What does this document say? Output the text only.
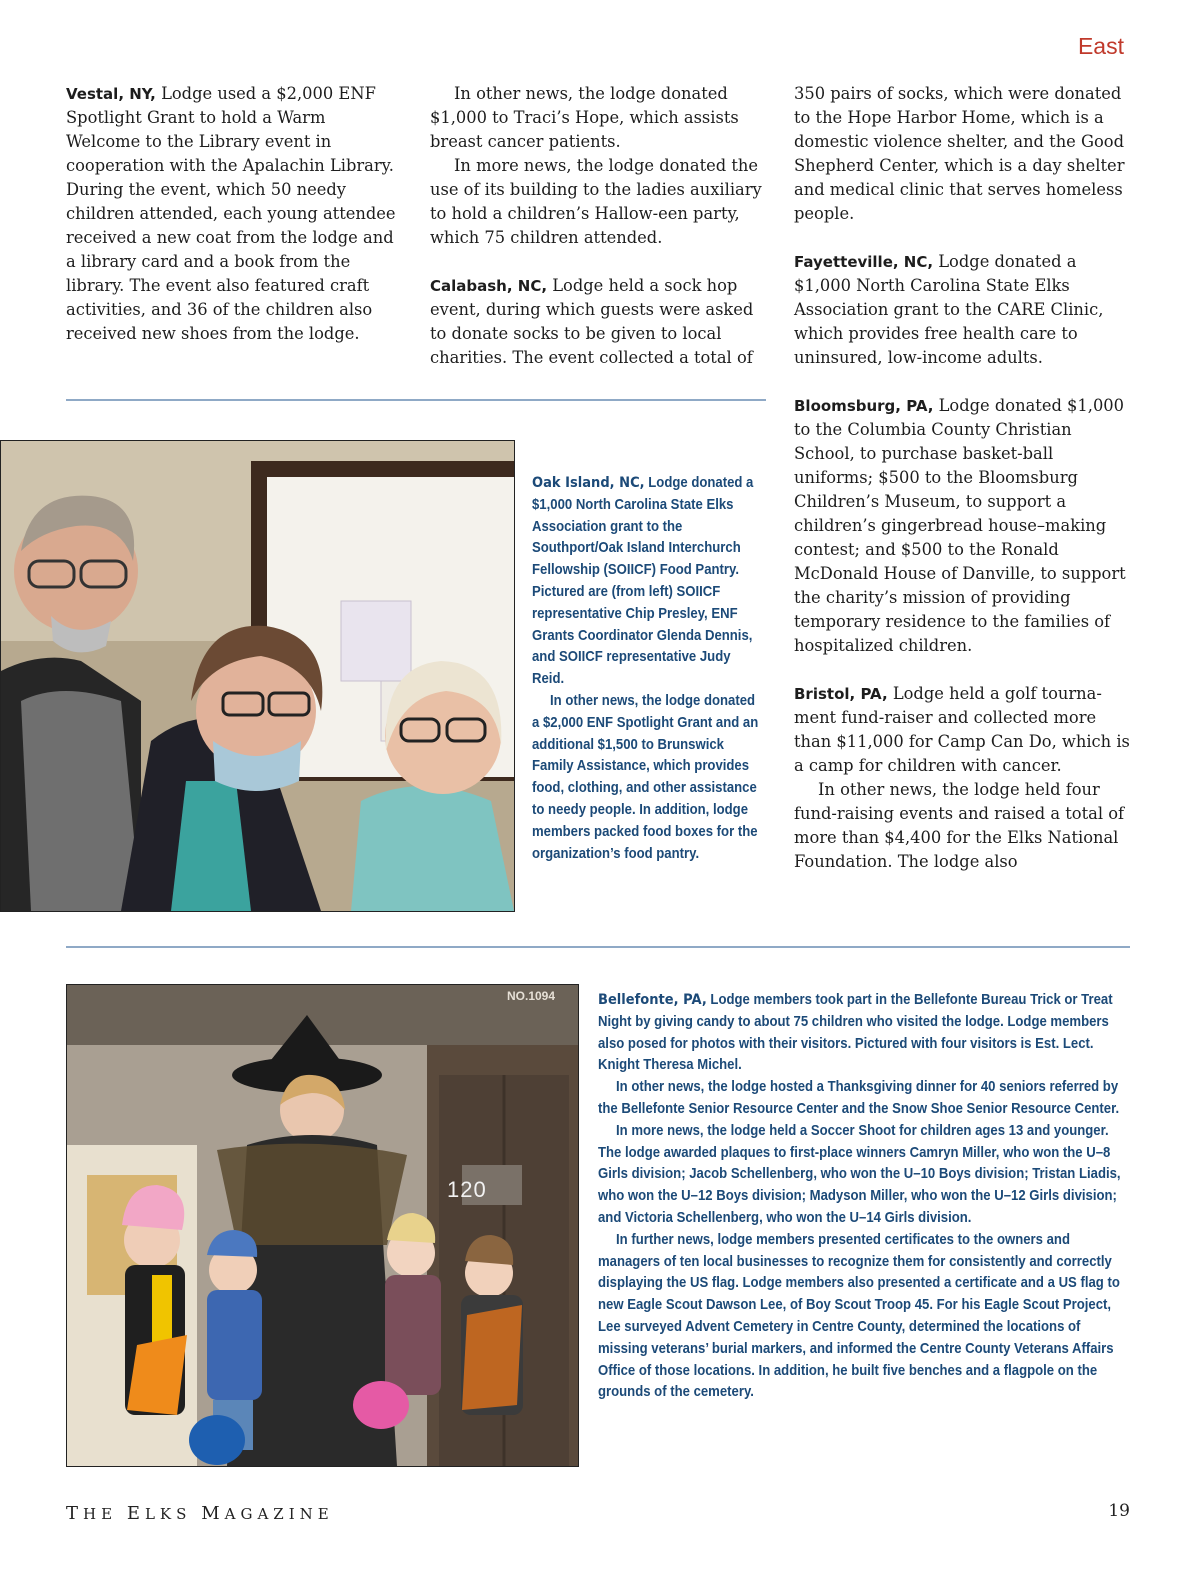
East

Vestal, NY, Lodge used a $2,000 ENF Spotlight Grant to hold a Warm Welcome to the Library event in cooperation with the Apalachin Library. During the event, which 50 needy children attended, each young attendee received a new coat from the lodge and a library card and a book from the library. The event also featured craft activities, and 36 of the children also received new shoes from the lodge.

In other news, the lodge donated $1,000 to Traci’s Hope, which assists breast cancer patients.

In more news, the lodge donated the use of its building to the ladies auxiliary to hold a children’s Hallow-een party, which 75 children attended.

Calabash, NC, Lodge held a sock hop event, during which guests were asked to donate socks to be given to local charities. The event collected a total of

350 pairs of socks, which were donated to the Hope Harbor Home, which is a domestic violence shelter, and the Good Shepherd Center, which is a day shelter and medical clinic that serves homeless people.

Fayetteville, NC, Lodge donated a $1,000 North Carolina State Elks Association grant to the CARE Clinic, which provides free health care to uninsured, low-income adults.

Bloomsburg, PA, Lodge donated $1,000 to the Columbia County Christian School, to purchase basket-ball uniforms; $500 to the Bloomsburg Children’s Museum, to support a children’s gingerbread house–making contest; and $500 to the Ronald McDonald House of Danville, to support the charity’s mission of providing temporary residence to the families of hospitalized children.

Bristol, PA, Lodge held a golf tourna-ment fund-raiser and collected more than $11,000 for Camp Can Do, which is a camp for children with cancer.

In other news, the lodge held four fund-raising events and raised a total of more than $4,400 for the Elks National Foundation. The lodge also

Oak Island, NC, Lodge donated a $1,000 North Carolina State Elks Association grant to the Southport/Oak Island Interchurch Fellowship (SOIICF) Food Pantry. Pictured are (from left) SOIICF representative Chip Presley, ENF Grants Coordinator Glenda Dennis, and SOIICF representative Judy Reid.

In other news, the lodge donated a $2,000 ENF Spotlight Grant and an additional $1,500 to Brunswick Family Assistance, which provides food, clothing, and other assistance to needy people. In addition, lodge members packed food boxes for the organization’s food pantry.

120
NO.1094	Bellefonte, PA, Lodge members took part in the Bellefonte Bureau Trick or Treat Night by giving candy to about 75 children who visited the lodge. Lodge members also posed for photos with their visitors. Pictured with four visitors is Est. Lect. Knight Theresa Michel.

In other news, the lodge hosted a Thanksgiving dinner for 40 seniors referred by the Bellefonte Senior Resource Center and the Snow Shoe Senior Resource Center.

In more news, the lodge held a Soccer Shoot for children ages 13 and younger. The lodge awarded plaques to first-place winners Camryn Miller, who won the U–8 Girls division; Jacob Schellenberg, who won the U–10 Boys division; Tristan Liadis, who won the U–12 Boys division; Madyson Miller, who won the U–12 Girls division; and Victoria Schellenberg, who won the U–14 Girls division.

In further news, lodge members presented certificates to the owners and managers of ten local businesses to recognize them for consistently and correctly displaying the US flag. Lodge members also presented a certificate and a US flag to new Eagle Scout Dawson Lee, of Boy Scout Troop 45. For his Eagle Scout Project, Lee surveyed Advent Cemetery in Centre County, determined the locations of missing veterans’ burial markers, and informed the Centre County Veterans Affairs Office of those locations. In addition, he built five benches and a flagpole on the grounds of the cemetery.

THE ELKS MAGAZINE	19
